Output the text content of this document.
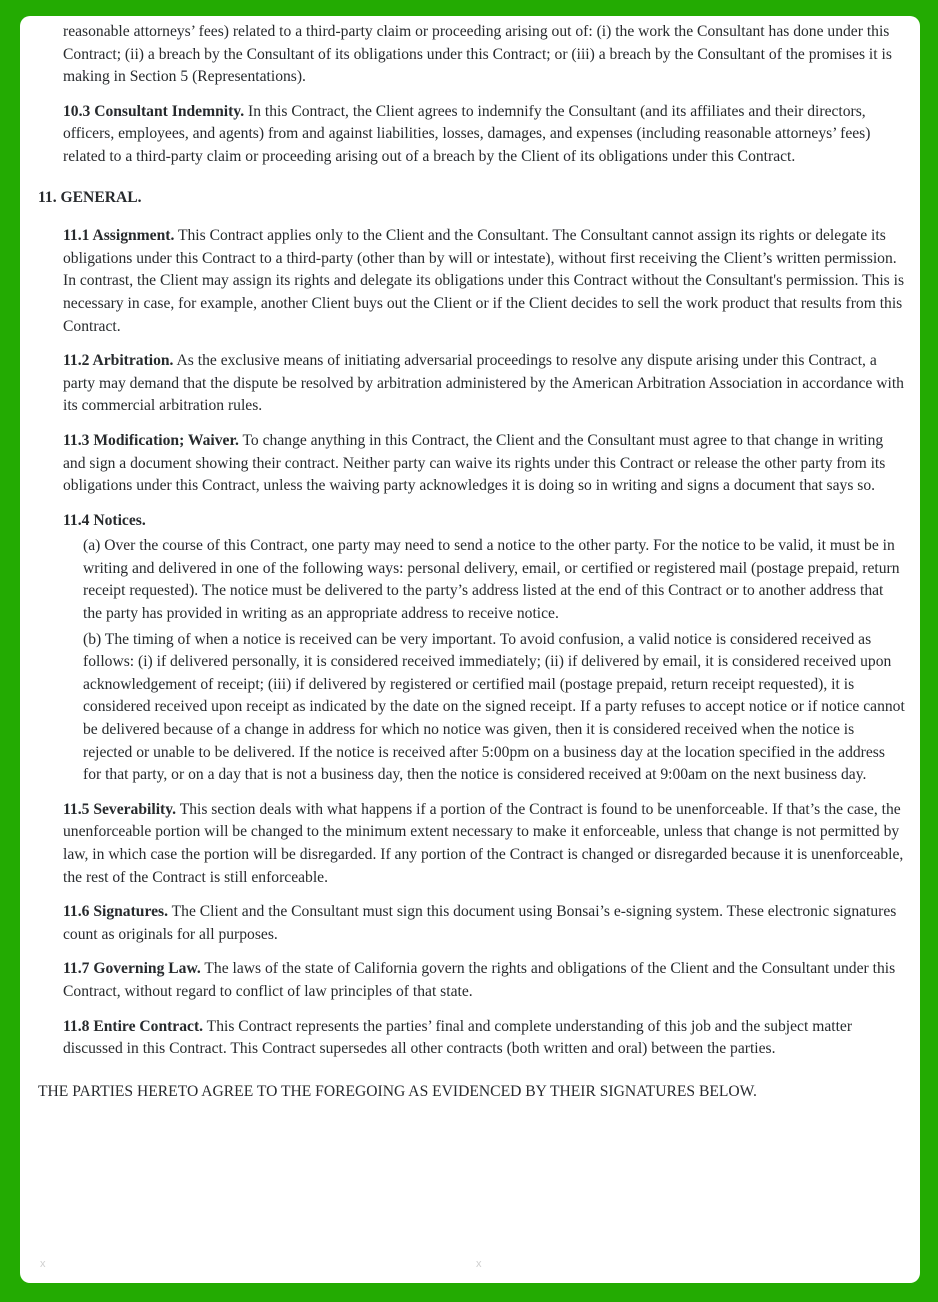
reasonable attorneys’ fees) related to a third-party claim or proceeding arising out of: (i) the work the Consultant has done under this Contract; (ii) a breach by the Consultant of its obligations under this Contract; or (iii) a breach by the Consultant of the promises it is making in Section 5 (Representations).

10.3 Consultant Indemnity. In this Contract, the Client agrees to indemnify the Consultant (and its affiliates and their directors, officers, employees, and agents) from and against liabilities, losses, damages, and expenses (including reasonable attorneys’ fees) related to a third-party claim or proceeding arising out of a breach by the Client of its obligations under this Contract.

11. GENERAL.

11.1 Assignment. This Contract applies only to the Client and the Consultant. The Consultant cannot assign its rights or delegate its obligations under this Contract to a third-party (other than by will or intestate), without first receiving the Client’s written permission. In contrast, the Client may assign its rights and delegate its obligations under this Contract without the Consultant's permission. This is necessary in case, for example, another Client buys out the Client or if the Client decides to sell the work product that results from this Contract.

11.2 Arbitration. As the exclusive means of initiating adversarial proceedings to resolve any dispute arising under this Contract, a party may demand that the dispute be resolved by arbitration administered by the American Arbitration Association in accordance with its commercial arbitration rules.

11.3 Modification; Waiver. To change anything in this Contract, the Client and the Consultant must agree to that change in writing and sign a document showing their contract. Neither party can waive its rights under this Contract or release the other party from its obligations under this Contract, unless the waiving party acknowledges it is doing so in writing and signs a document that says so.

11.4 Notices.

(a) Over the course of this Contract, one party may need to send a notice to the other party. For the notice to be valid, it must be in writing and delivered in one of the following ways: personal delivery, email, or certified or registered mail (postage prepaid, return receipt requested). The notice must be delivered to the party’s address listed at the end of this Contract or to another address that the party has provided in writing as an appropriate address to receive notice.

(b) The timing of when a notice is received can be very important. To avoid confusion, a valid notice is considered received as follows: (i) if delivered personally, it is considered received immediately; (ii) if delivered by email, it is considered received upon acknowledgement of receipt; (iii) if delivered by registered or certified mail (postage prepaid, return receipt requested), it is considered received upon receipt as indicated by the date on the signed receipt. If a party refuses to accept notice or if notice cannot be delivered because of a change in address for which no notice was given, then it is considered received when the notice is rejected or unable to be delivered. If the notice is received after 5:00pm on a business day at the location specified in the address for that party, or on a day that is not a business day, then the notice is considered received at 9:00am on the next business day.

11.5 Severability. This section deals with what happens if a portion of the Contract is found to be unenforceable. If that’s the case, the unenforceable portion will be changed to the minimum extent necessary to make it enforceable, unless that change is not permitted by law, in which case the portion will be disregarded. If any portion of the Contract is changed or disregarded because it is unenforceable, the rest of the Contract is still enforceable.

11.6 Signatures. The Client and the Consultant must sign this document using Bonsai’s e-signing system. These electronic signatures count as originals for all purposes.

11.7 Governing Law. The laws of the state of California govern the rights and obligations of the Client and the Consultant under this Contract, without regard to conflict of law principles of that state.

11.8 Entire Contract. This Contract represents the parties’ final and complete understanding of this job and the subject matter discussed in this Contract. This Contract supersedes all other contracts (both written and oral) between the parties.

THE PARTIES HERETO AGREE TO THE FOREGOING AS EVIDENCED BY THEIR SIGNATURES BELOW.

x	x
